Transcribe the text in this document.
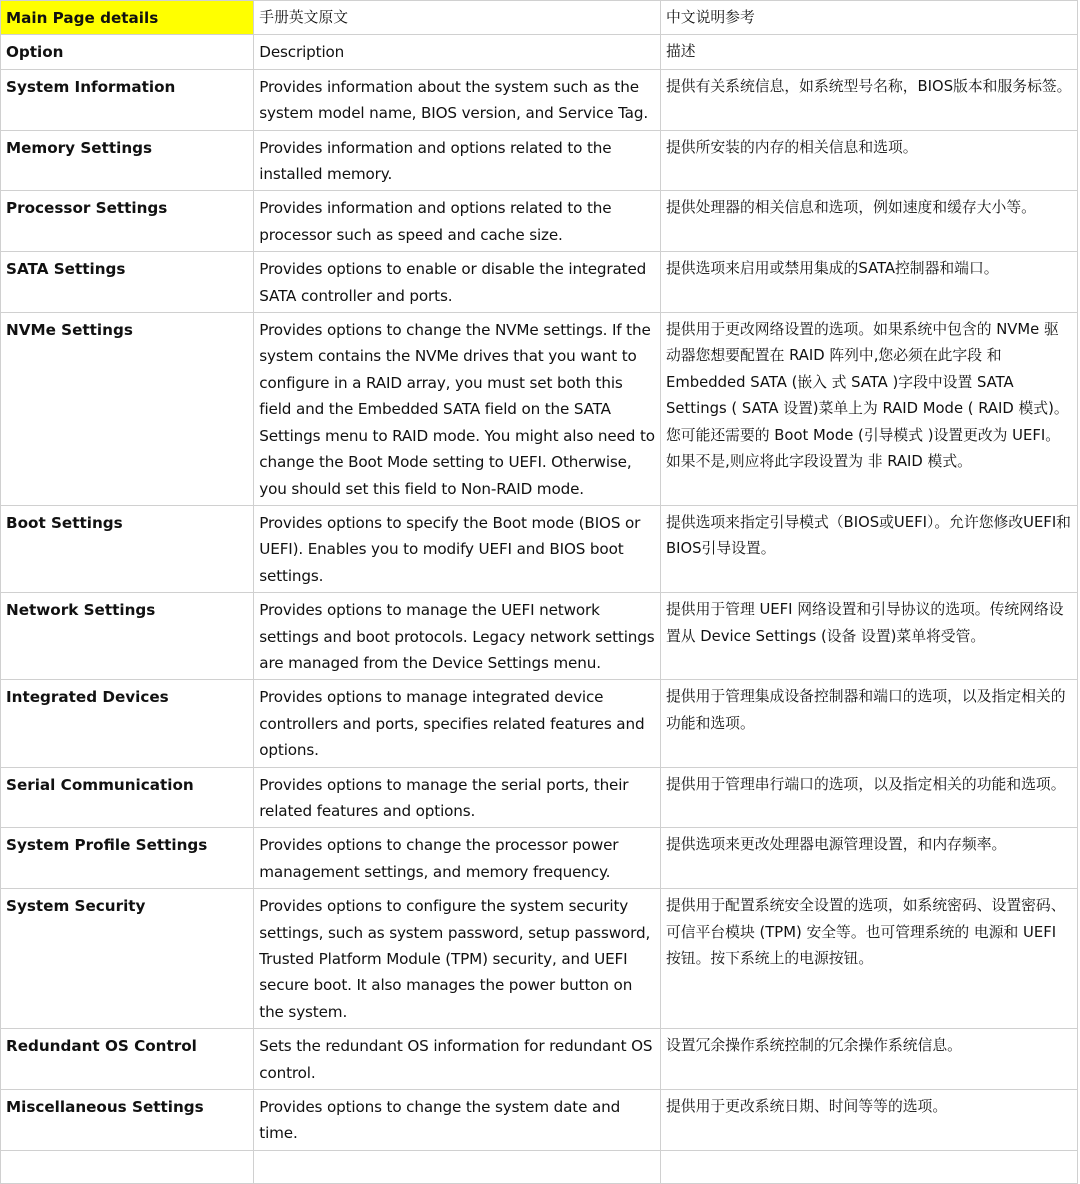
Main Page details	手册英文原文	中文说明参考
Option	Description	描述
System Information	Provides information about the system such as the system model name, BIOS version, and Service Tag.	提供有关系统信息，如系统型号名称，BIOS版本和服务标签。
Memory Settings	Provides information and options related to the installed memory.	提供所安装的内存的相关信息和选项。
Processor Settings	Provides information and options related to the processor such as speed and cache size.	提供处理器的相关信息和选项，例如速度和缓存大小等。
SATA Settings	Provides options to enable or disable the integrated SATA controller and ports.	提供选项来启用或禁用集成的SATA控制器和端口。
NVMe Settings	Provides options to change the NVMe settings. If the system contains the NVMe drives that you want to configure in a RAID array, you must set both this field and the Embedded SATA field on the SATA Settings menu to RAID mode. You might also need to change the Boot Mode setting to UEFI. Otherwise, you should set this field to Non-RAID mode.	提供用于更改网络设置的选项。如果系统中包含的 NVMe 驱动器您想要配置在 RAID 阵列中,您必须在此字段 和 Embedded SATA (嵌入 式 SATA )字段中设置 SATA Settings ( SATA 设置)菜单上为 RAID Mode ( RAID 模式)。您可能还需要的 Boot Mode (引导模式 )设置更改为 UEFI。如果不是,则应将此字段设置为 非 RAID 模式。
Boot Settings	Provides options to specify the Boot mode (BIOS or UEFI). Enables you to modify UEFI and BIOS boot settings.	提供选项来指定引导模式（BIOS或UEFI）。允许您修改UEFI和BIOS引导设置。
Network Settings	Provides options to manage the UEFI network settings and boot protocols. Legacy network settings are managed from the Device Settings menu.	提供用于管理 UEFI 网络设置和引导协议的选项。传统网络设置从 Device Settings (设备 设置)菜单将受管。
Integrated Devices	Provides options to manage integrated device controllers and ports, specifies related features and options.	提供用于管理集成设备控制器和端口的选项，以及指定相关的功能和选项。
Serial Communication	Provides options to manage the serial ports, their related features and options.	提供用于管理串行端口的选项，以及指定相关的功能和选项。
System Profile Settings	Provides options to change the processor power management settings, and memory frequency.	提供选项来更改处理器电源管理设置，和内存频率。
System Security	Provides options to configure the system security settings, such as system password, setup password, Trusted Platform Module (TPM) security, and UEFI secure boot. It also manages the power button on the system.	提供用于配置系统安全设置的选项，如系统密码、设置密码、可信平台模块 (TPM) 安全等。也可管理系统的 电源和 UEFI 按钮。按下系统上的电源按钮。
Redundant OS Control	Sets the redundant OS information for redundant OS control.	设置冗余操作系统控制的冗余操作系统信息。
Miscellaneous Settings	Provides options to change the system date and time.	提供用于更改系统日期、时间等等的选项。
